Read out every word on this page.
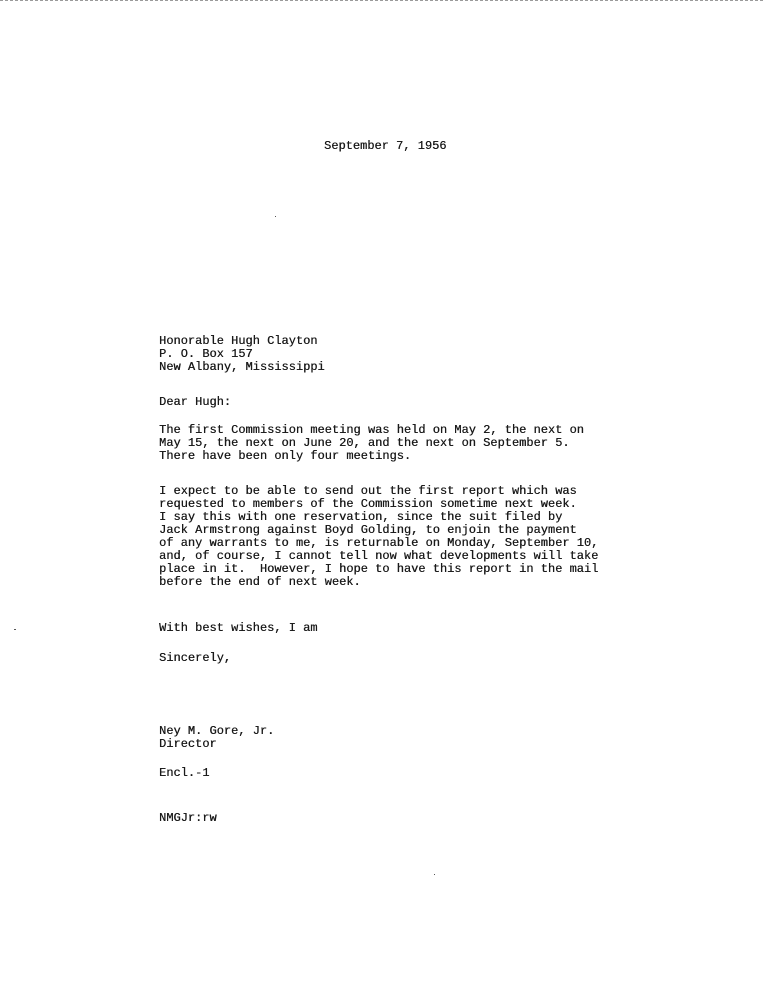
September 7, 1956
Honorable Hugh Clayton
P. O. Box 157
New Albany, Mississippi
Dear Hugh:
The first Commission meeting was held on May 2, the next on
May 15, the next on June 20, and the next on September 5.
There have been only four meetings.
I expect to be able to send out the first report which was
requested to members of the Commission sometime next week.
I say this with one reservation, since the suit filed by
Jack Armstrong against Boyd Golding, to enjoin the payment
of any warrants to me, is returnable on Monday, September 10,
and, of course, I cannot tell now what developments will take
place in it.  However, I hope to have this report in the mail
before the end of next week.
With best wishes, I am
Sincerely,
Ney M. Gore, Jr.
Director
Encl.-1
NMGJr:rw
